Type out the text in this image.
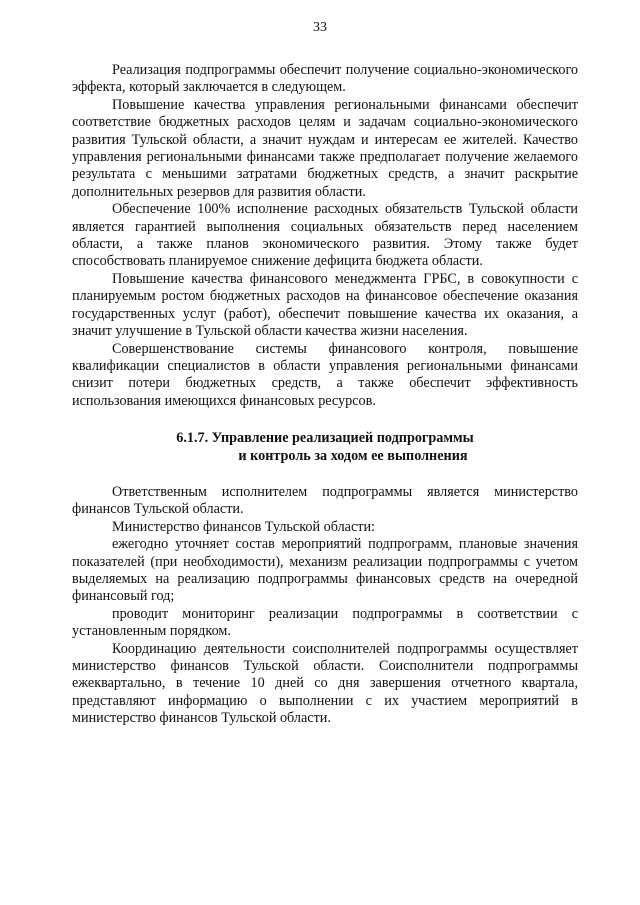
33

Реализация подпрограммы обеспечит получение социально-экономического эффекта, который заключается в следующем.

Повышение качества управления региональными финансами обеспечит соответствие бюджетных расходов целям и задачам социально-экономического развития Тульской области, а значит нуждам и интересам ее жителей. Качество управления региональными финансами также предполагает получение желаемого результата с меньшими затратами бюджетных средств, а значит раскрытие дополнительных резервов для развития области.

Обеспечение 100% исполнение расходных обязательств Тульской области является гарантией выполнения социальных обязательств перед населением области, а также планов экономического развития. Этому также будет способствовать планируемое снижение дефицита бюджета области.

Повышение качества финансового менеджмента ГРБС, в совокупности с планируемым ростом бюджетных расходов на финансовое обеспечение оказания государственных услуг (работ), обеспечит повышение качества их оказания, а значит улучшение в Тульской области качества жизни населения.

Совершенствование системы финансового контроля, повышение квалификации специалистов в области управления региональными финансами снизит потери бюджетных средств, а также обеспечит эффективность использования имеющихся финансовых ресурсов.

6.1.7. Управление реализацией подпрограммы
и контроль за ходом ее выполнения

Ответственным исполнителем подпрограммы является министерство финансов Тульской области.

Министерство финансов Тульской области:

ежегодно уточняет состав мероприятий подпрограмм, плановые значения показателей (при необходимости), механизм реализации подпрограммы с учетом выделяемых на реализацию подпрограммы финансовых средств на очередной финансовый год;

проводит мониторинг реализации подпрограммы в соответствии с установленным порядком.

Координацию деятельности соисполнителей подпрограммы осуществляет министерство финансов Тульской области. Соисполнители подпрограммы ежеквартально, в течение 10 дней со дня завершения отчетного квартала, представляют информацию о выполнении с их участием мероприятий в министерство финансов Тульской области.
